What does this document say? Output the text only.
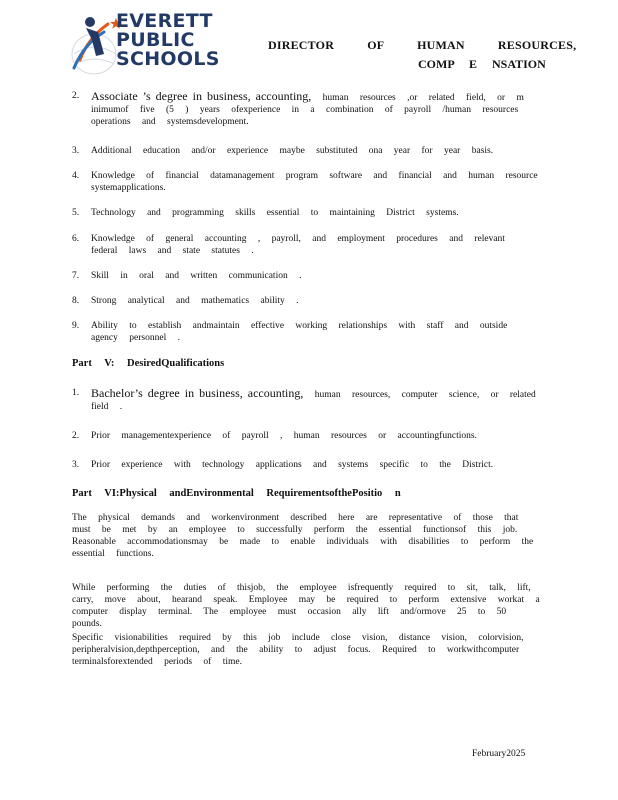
EVERETT
PUBLIC
SCHOOLS
DIRECTOR OF HUMAN RESOURCES,
COMP E NSATION
2. Associate ’s degree in business, accounting, human resources ,or related field, or m inimumof five (5 ) years ofexperience in a combination of payroll /human resources operations and systemsdevelopment.
3. Additional education and/or experience maybe substituted ona year for year basis.
4. Knowledge of financial datamanagement program software and financial and human resource systemapplications.
5. Technology and programming skills essential to maintaining District systems.
6. Knowledge of general accounting , payroll, and employment procedures and relevant federal laws and state statutes .
7. Skill in oral and written communication .
8. Strong analytical and mathematics ability .
9. Ability to establish andmaintain effective working relationships with staff and outside agency personnel .
Part V: DesiredQualifications
1. Bachelor’s degree in business, accounting, human resources, computer science, or related field .
2. Prior managementexperience of payroll , human resources or accountingfunctions.
3. Prior experience with technology applications and systems specific to the District.
Part VI:Physical andEnvironmental RequirementsofthePositio n
The physical demands and workenvironment described here are representative of those that must be met by an employee to successfully perform the essential functionsof this job. Reasonable accommodationsmay be made to enable individuals with disabilities to perform the essential functions.
While performing the duties of thisjob, the employee isfrequently required to sit, talk, lift, carry, move about, hearand speak. Employee may be required to perform extensive workat a computer display terminal. The employee must occasion ally lift and/ormove 25 to 50 pounds.
Specific visionabilities required by this job include close vision, distance vision, colorvision, peripheralvision,depthperception, and the ability to adjust focus. Required to workwithcomputer terminalsforextended periods of time.
February2025
